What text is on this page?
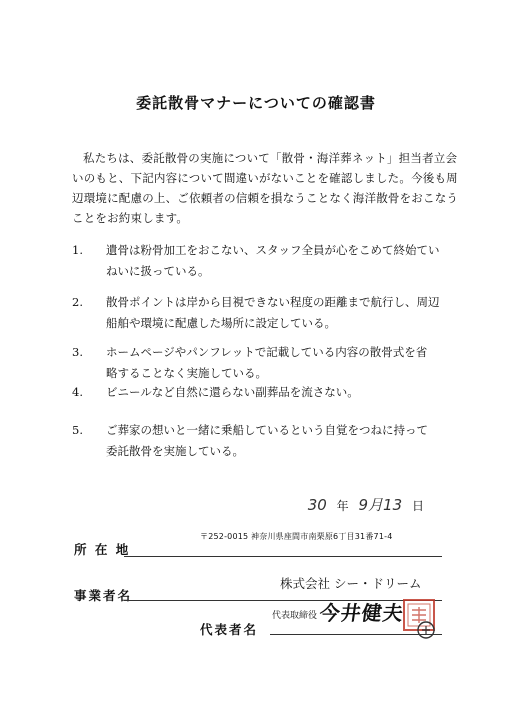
委託散骨マナーについての確認書
私たちは、委託散骨の実施について「散骨・海洋葬ネット」担当者立会
いのもと、下記内容について間違いがないことを確認しました。今後も周
辺環境に配慮の上、ご依頼者の信頼を損なうことなく海洋散骨をおこなう
ことをお約束します。
1.	遺骨は粉骨加工をおこない、スタッフ全員が心をこめて終始てい
ねいに扱っている。
2.	散骨ポイントは岸から目視できない程度の距離まで航行し、周辺
船舶や環境に配慮した場所に設定している。
3.	ホームページやパンフレットで記載している内容の散骨式を省
略することなく実施している。
4.	ビニールなど自然に還らない副葬品を流さない。
5.	ご葬家の想いと一緒に乗船しているという自覚をつねに持って
委託散骨を実施している。
30 年 9月13 日
所 在 地
〒252-0015 神奈川県座間市南栗原6丁目31番71-4
事業者名
株式会社 シー・ドリーム
代表者名
代表取締役 今井健夫
